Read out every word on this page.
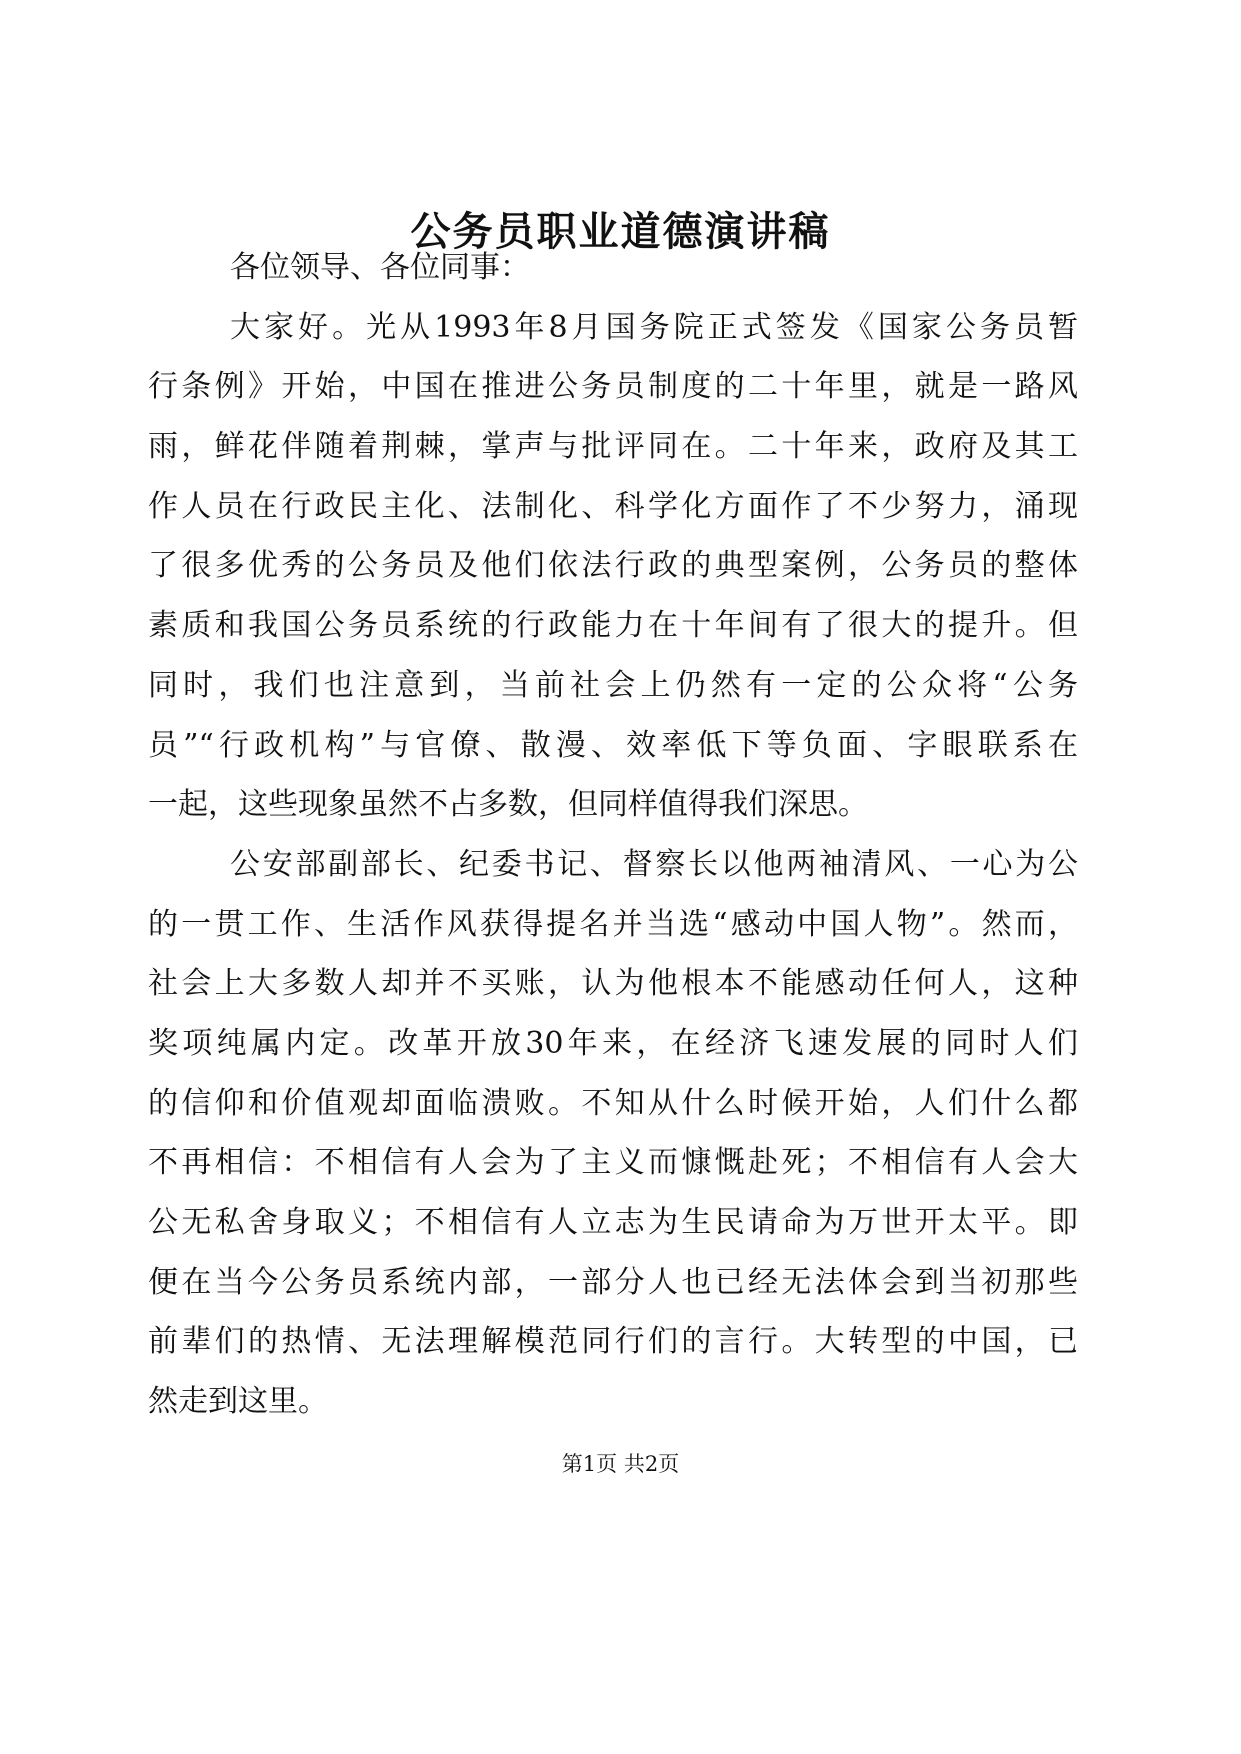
公务员职业道德演讲稿
各位领导、各位同事：
大家好。光从1993年8月国务院正式签发《国家公务员暂
行条例》开始，中国在推进公务员制度的二十年里，就是一路风
雨，鲜花伴随着荆棘，掌声与批评同在。二十年来，政府及其工
作人员在行政民主化、法制化、科学化方面作了不少努力，涌现
了很多优秀的公务员及他们依法行政的典型案例，公务员的整体
素质和我国公务员系统的行政能力在十年间有了很大的提升。但
同时，我们也注意到，当前社会上仍然有一定的公众将“公务
员”“行政机构”与官僚、散漫、效率低下等负面、字眼联系在
一起，这些现象虽然不占多数，但同样值得我们深思。
公安部副部长、纪委书记、督察长以他两袖清风、一心为公
的一贯工作、生活作风获得提名并当选“感动中国人物”。然而，
社会上大多数人却并不买账，认为他根本不能感动任何人，这种
奖项纯属内定。改革开放30年来，在经济飞速发展的同时人们
的信仰和价值观却面临溃败。不知从什么时候开始，人们什么都
不再相信：不相信有人会为了主义而慷慨赴死；不相信有人会大
公无私舍身取义；不相信有人立志为生民请命为万世开太平。即
便在当今公务员系统内部，一部分人也已经无法体会到当初那些
前辈们的热情、无法理解模范同行们的言行。大转型的中国，已
然走到这里。
第1页 共2页
